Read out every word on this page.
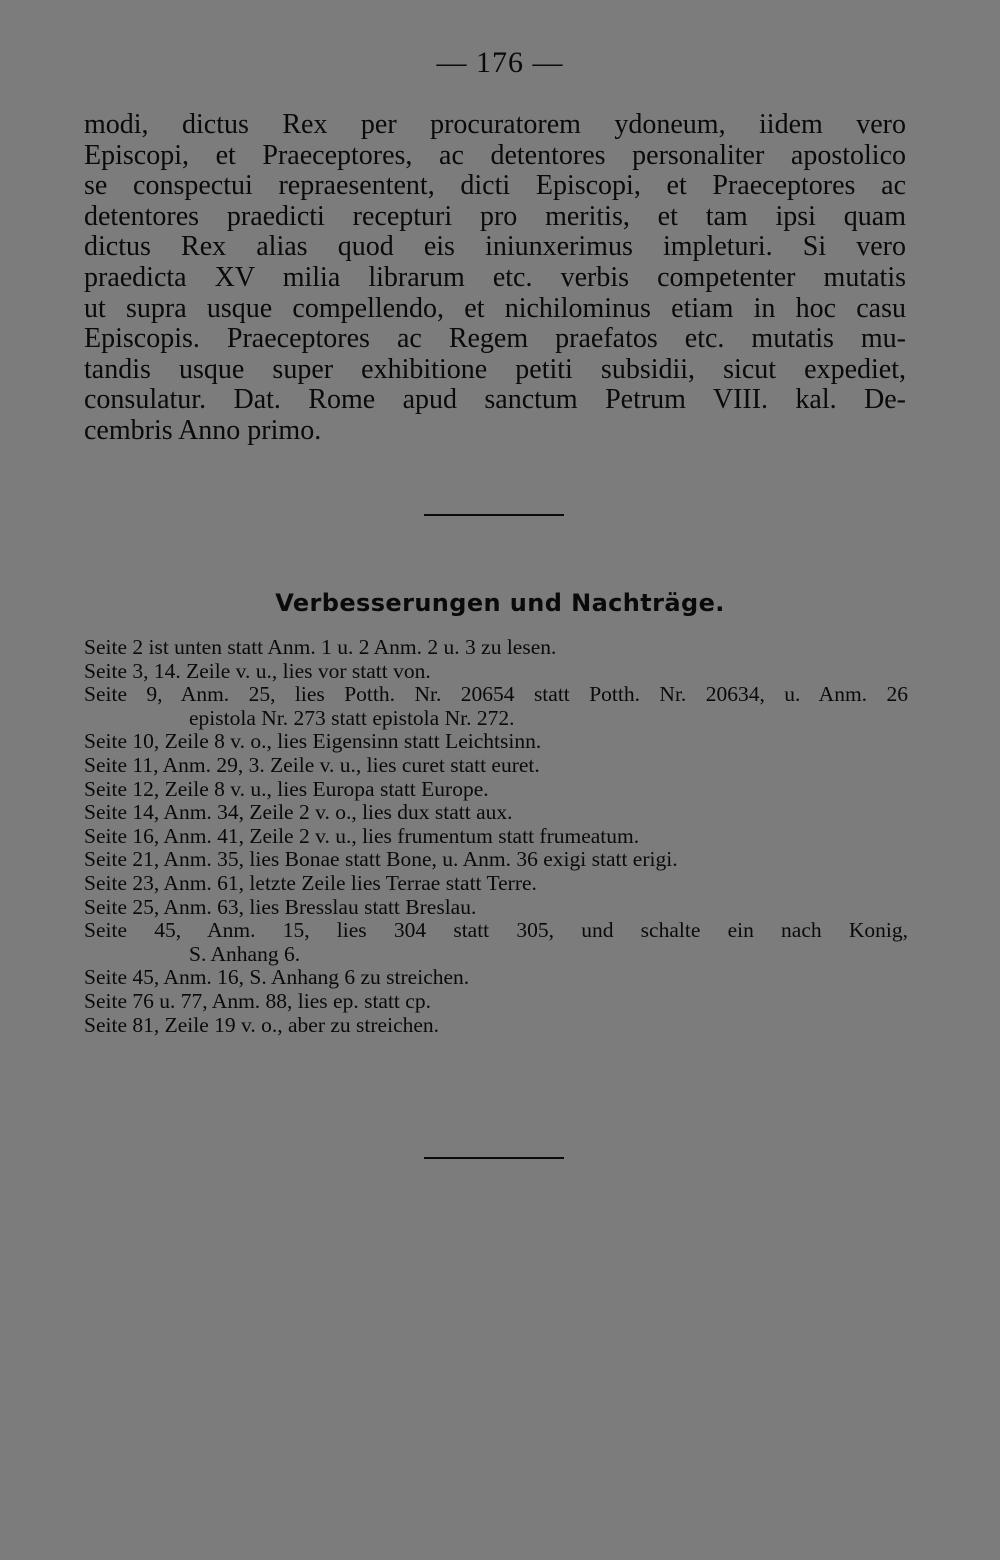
— 176 —
modi, dictus Rex per procuratorem ydoneum, iidem vero
Episcopi, et Praeceptores, ac detentores personaliter apostolico
se conspectui repraesentent, dicti Episcopi, et Praeceptores ac
detentores praedicti recepturi pro meritis, et tam ipsi quam
dictus Rex alias quod eis iniunxerimus impleturi. Si vero
praedicta XV milia librarum etc. verbis competenter mutatis
ut supra usque compellendo, et nichilominus etiam in hoc casu
Episcopis. Praeceptores ac Regem praefatos etc. mutatis mu-
tandis usque super exhibitione petiti subsidii, sicut expediet,
consulatur. Dat. Rome apud sanctum Petrum VIII. kal. De-
cembris Anno primo.
Verbesserungen und Nachträge.
Seite 2 ist unten statt Anm. 1 u. 2 Anm. 2 u. 3 zu lesen.
Seite 3, 14. Zeile v. u., lies vor statt von.
Seite 9, Anm. 25, lies Potth. Nr. 20654 statt Potth. Nr. 20634, u. Anm. 26
epistola Nr. 273 statt epistola Nr. 272.
Seite 10, Zeile 8 v. o., lies Eigensinn statt Leichtsinn.
Seite 11, Anm. 29, 3. Zeile v. u., lies curet statt euret.
Seite 12, Zeile 8 v. u., lies Europa statt Europe.
Seite 14, Anm. 34, Zeile 2 v. o., lies dux statt aux.
Seite 16, Anm. 41, Zeile 2 v. u., lies frumentum statt frumeatum.
Seite 21, Anm. 35, lies Bonae statt Bone, u. Anm. 36 exigi statt erigi.
Seite 23, Anm. 61, letzte Zeile lies Terrae statt Terre.
Seite 25, Anm. 63, lies Bresslau statt Breslau.
Seite 45, Anm. 15, lies 304 statt 305, und schalte ein nach Konig,
S. Anhang 6.
Seite 45, Anm. 16, S. Anhang 6 zu streichen.
Seite 76 u. 77, Anm. 88, lies ep. statt cp.
Seite 81, Zeile 19 v. o., aber zu streichen.
